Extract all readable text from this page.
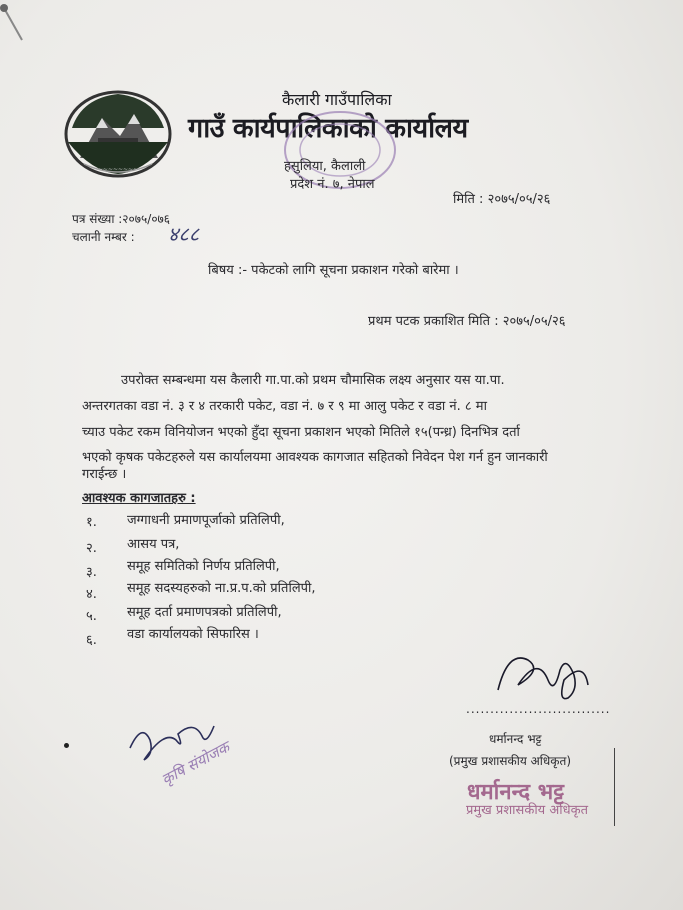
~~~~~~~~
कैलारी गाउँपालिका
गाउँ कार्यपालिकाको कार्यालय
हसुलिया, कैलाली
प्रदेश नं. ७, नेपाल
मिति : २०७५/०५/२६
पत्र संख्या :२०७५/०७६
चलानी नम्बर : ४८८
बिषय :- पकेटको लागि सूचना प्रकाशन गरेको बारेमा ।
प्रथम पटक प्रकाशित मिति : २०७५/०५/२६
उपरोक्त सम्बन्धमा यस कैलारी गा.पा.को प्रथम चौमासिक लक्ष्य अनुसार यस या.पा.
अन्तरगतका वडा नं. ३ र ४ तरकारी पकेट, वडा नं. ७ र ९ मा आलु पकेट र वडा नं. ८ मा
च्याउ पकेट रकम विनियोजन भएको हुँदा सूचना प्रकाशन भएको मितिले १५(पन्ध्र) दिनभित्र दर्ता
भएको कृषक पकेटहरुले यस कार्यालयमा आवश्यक कागजात सहितको निवेदन पेश गर्न हुन जानकारी
गराईन्छ ।
आवश्यक कागजातहरु :
१. जग्गाधनी प्रमाणपूर्जाको प्रतिलिपी,
२. आसय पत्र,
३. समूह समितिको निर्णय प्रतिलिपी,
४. समूह सदस्यहरुको ना.प्र.प.को प्रतिलिपी,
५. समूह दर्ता प्रमाणपत्रको प्रतिलिपी,
६. वडा कार्यालयको सिफारिस ।
..............................
धर्मानन्द भट्ट
(प्रमुख प्रशासकीय अधिकृत)
धर्मानन्द भट्ट
प्रमुख प्रशासकीय अधिकृत
कृषि संयोजक
